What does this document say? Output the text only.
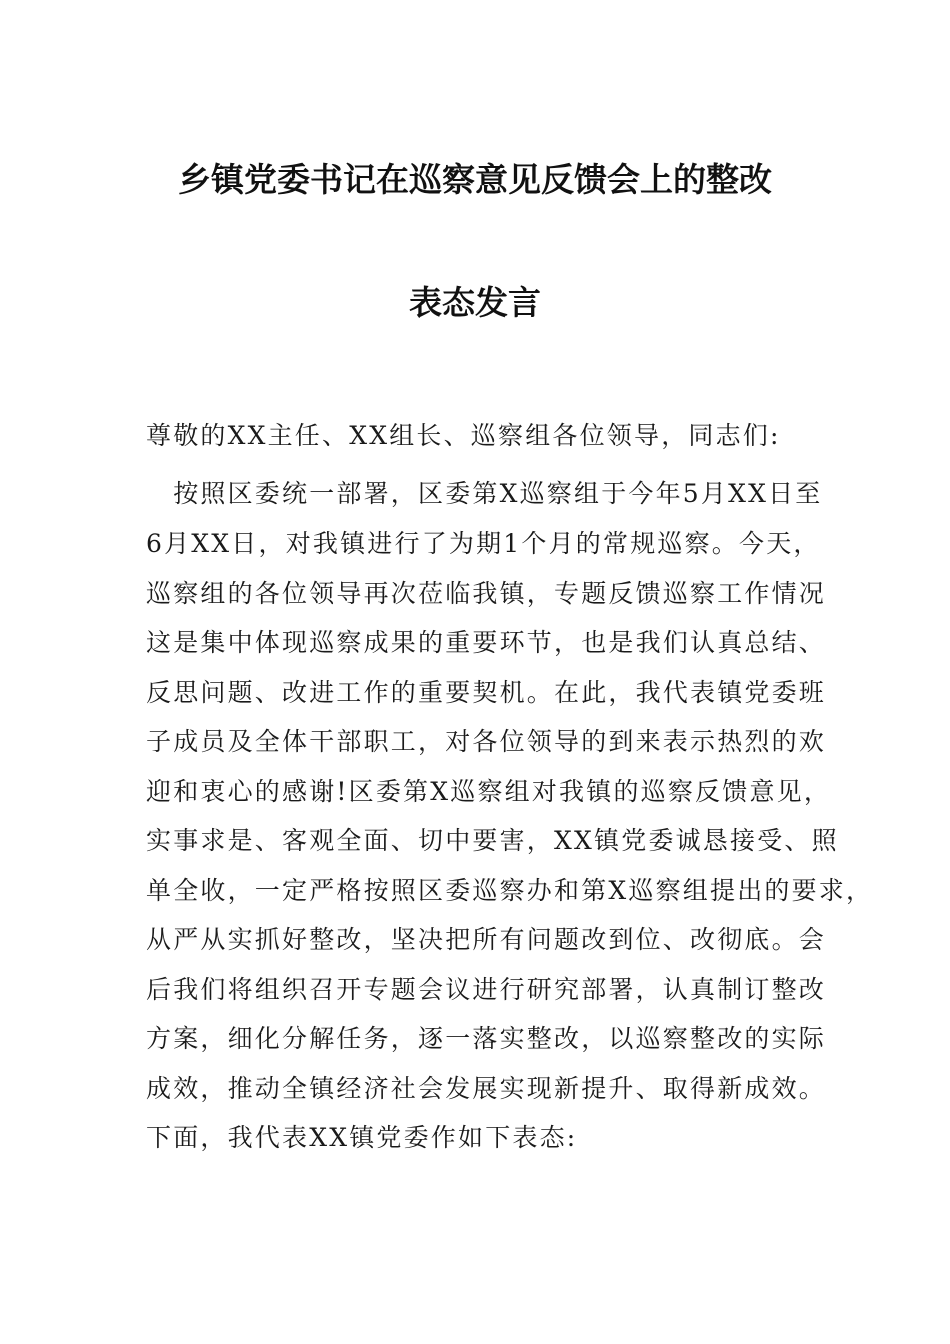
乡镇党委书记在巡察意见反馈会上的整改
表态发言
尊敬的XX主任、XX组长、巡察组各位领导，同志们:
　按照区委统一部署，区委第X巡察组于今年5月XX日至
6月XX日，对我镇进行了为期1个月的常规巡察。今天，
巡察组的各位领导再次莅临我镇，专题反馈巡察工作情况
这是集中体现巡察成果的重要环节，也是我们认真总结、
反思问题、改进工作的重要契机。在此，我代表镇党委班
子成员及全体干部职工，对各位领导的到来表示热烈的欢
迎和衷心的感谢!区委第X巡察组对我镇的巡察反馈意见，
实事求是、客观全面、切中要害，XX镇党委诚恳接受、照
单全收，一定严格按照区委巡察办和第X巡察组提出的要求，
从严从实抓好整改，坚决把所有问题改到位、改彻底。会
后我们将组织召开专题会议进行研究部署，认真制订整改
方案，细化分解任务，逐一落实整改，以巡察整改的实际
成效，推动全镇经济社会发展实现新提升、取得新成效。
下面，我代表XX镇党委作如下表态:
